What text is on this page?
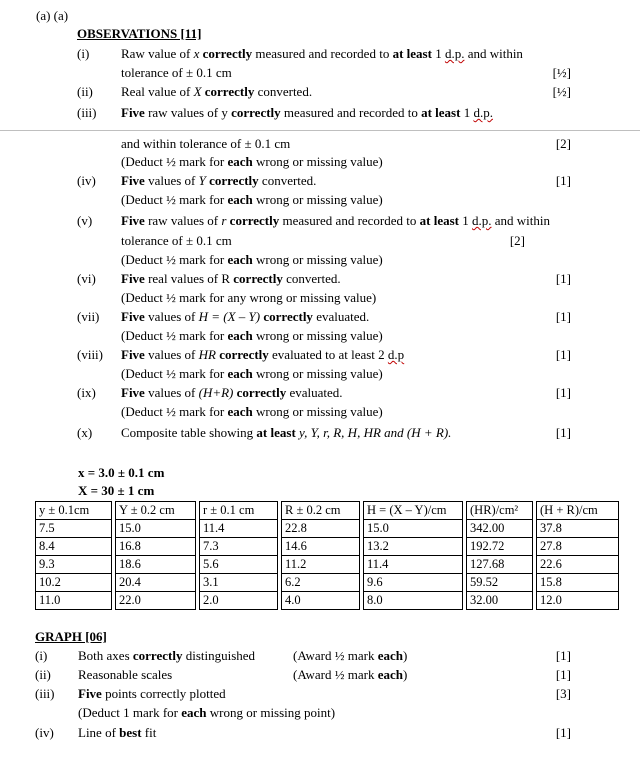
(a) (a)
OBSERVATIONS [11]
(i) Raw value of x correctly measured and recorded to at least 1 d.p. and within
tolerance of ± 0.1 cm	[½]
(ii) Real value of X correctly converted.	[½]
(iii) Five raw values of y correctly measured and recorded to at least 1 d.p.
and within tolerance of ± 0.1 cm	[2]
(Deduct ½ mark for each wrong or missing value)
(iv) Five values of Y correctly converted.	[1]
(Deduct ½ mark for each wrong or missing value)
(v) Five raw values of r correctly measured and recorded to at least 1 d.p. and within
tolerance of ± 0.1 cm	[2]
(Deduct ½ mark for each wrong or missing value)
(vi) Five real values of R correctly converted.	[1]
(Deduct ½ mark for any wrong or missing value)
(vii) Five values of H = (X – Y) correctly evaluated.	[1]
(Deduct ½ mark for each wrong or missing value)
(viii) Five values of HR correctly evaluated to at least 2 d.p	[1]
(Deduct ½ mark for each wrong or missing value)
(ix) Five values of (H+R) correctly evaluated.	[1]
(Deduct ½ mark for each wrong or missing value)
(x) Composite table showing at least y, Y, r, R, H, HR and (H + R).	[1]
x = 3.0 ± 0.1 cm
X = 30 ± 1 cm
y ± 0.1cm		Y ± 0.2 cm		r ± 0.1 cm		R ± 0.2 cm		H = (X – Y)/cm		(HR)/cm²		(H + R)/cm
7.5		15.0		11.4		22.8		15.0		342.00		37.8
8.4		16.8		7.3		14.6		13.2		192.72		27.8
9.3		18.6		5.6		11.2		11.4		127.68		22.6
10.2		20.4		3.1		6.2		9.6		59.52		15.8
11.0		22.0		2.0		4.0		8.0		32.00		12.0
GRAPH [06]
(i) Both axes correctly distinguished	(Award ½ mark each)	[1]
(ii) Reasonable scales	(Award ½ mark each)	[1]
(iii) Five points correctly plotted	[3]
(Deduct 1 mark for each wrong or missing point)
(iv) Line of best fit	[1]
